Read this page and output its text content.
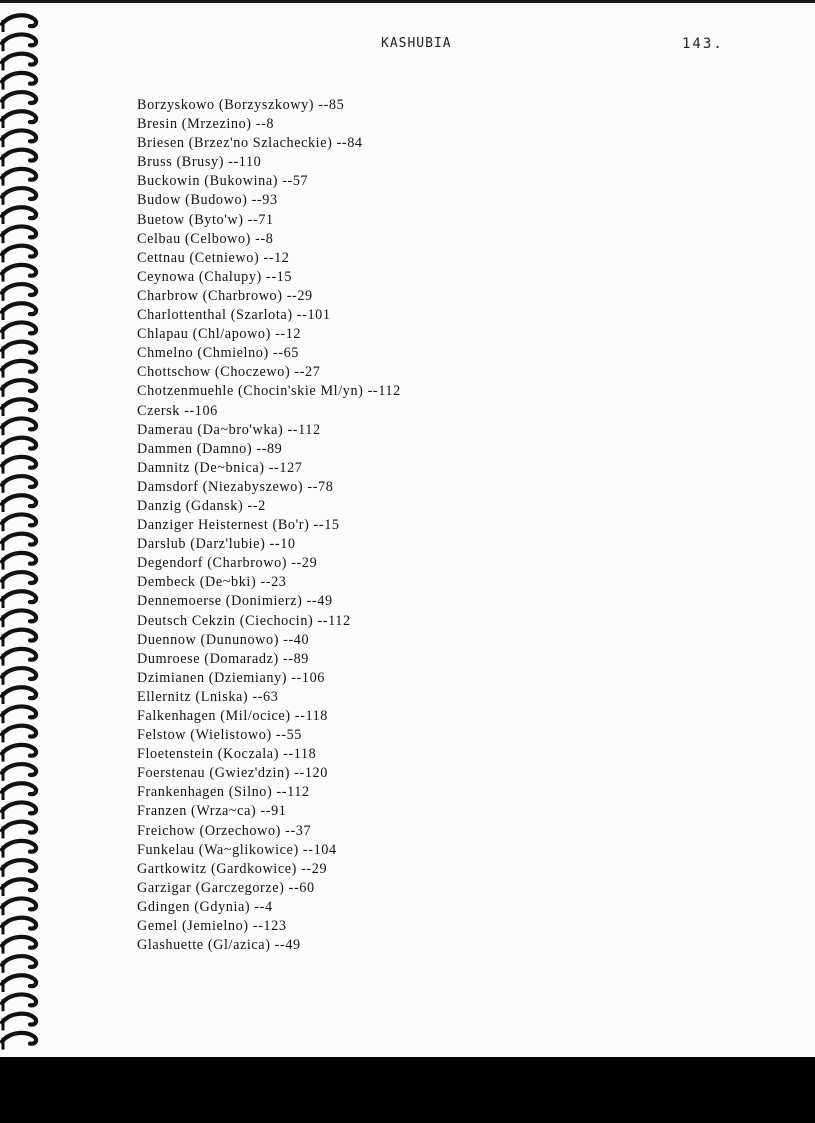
KASHUBIA	143.
Borzyskowo (Borzyszkowy) --85
Bresin (Mrzezino) --8
Briesen (Brzez'no Szlacheckie) --84
Bruss (Brusy) --110
Buckowin (Bukowina) --57
Budow (Budowo) --93
Buetow (Byto'w) --71
Celbau (Celbowo) --8
Cettnau (Cetniewo) --12
Ceynowa (Chalupy) --15
Charbrow (Charbrowo) --29
Charlottenthal (Szarlota) --101
Chlapau (Chl/apowo) --12
Chmelno (Chmielno) --65
Chottschow (Choczewo) --27
Chotzenmuehle (Chocin'skie Ml/yn) --112
Czersk --106
Damerau (Da~bro'wka) --112
Dammen (Damno) --89
Damnitz (De~bnica) --127
Damsdorf (Niezabyszewo) --78
Danzig (Gdansk) --2
Danziger Heisternest (Bo'r) --15
Darslub (Darz'lubie) --10
Degendorf (Charbrowo) --29
Dembeck (De~bki) --23
Dennemoerse (Donimierz) --49
Deutsch Cekzin (Ciechocin) --112
Duennow (Dununowo) --40
Dumroese (Domaradz) --89
Dzimianen (Dziemiany) --106
Ellernitz (Lniska) --63
Falkenhagen (Mil/ocice) --118
Felstow (Wielistowo) --55
Floetenstein (Koczala) --118
Foerstenau (Gwiez'dzin) --120
Frankenhagen (Silno) --112
Franzen (Wrza~ca) --91
Freichow (Orzechowo) --37
Funkelau (Wa~glikowice) --104
Gartkowitz (Gardkowice) --29
Garzigar (Garczegorze) --60
Gdingen (Gdynia) --4
Gemel (Jemielno) --123
Glashuette (Gl/azica) --49
